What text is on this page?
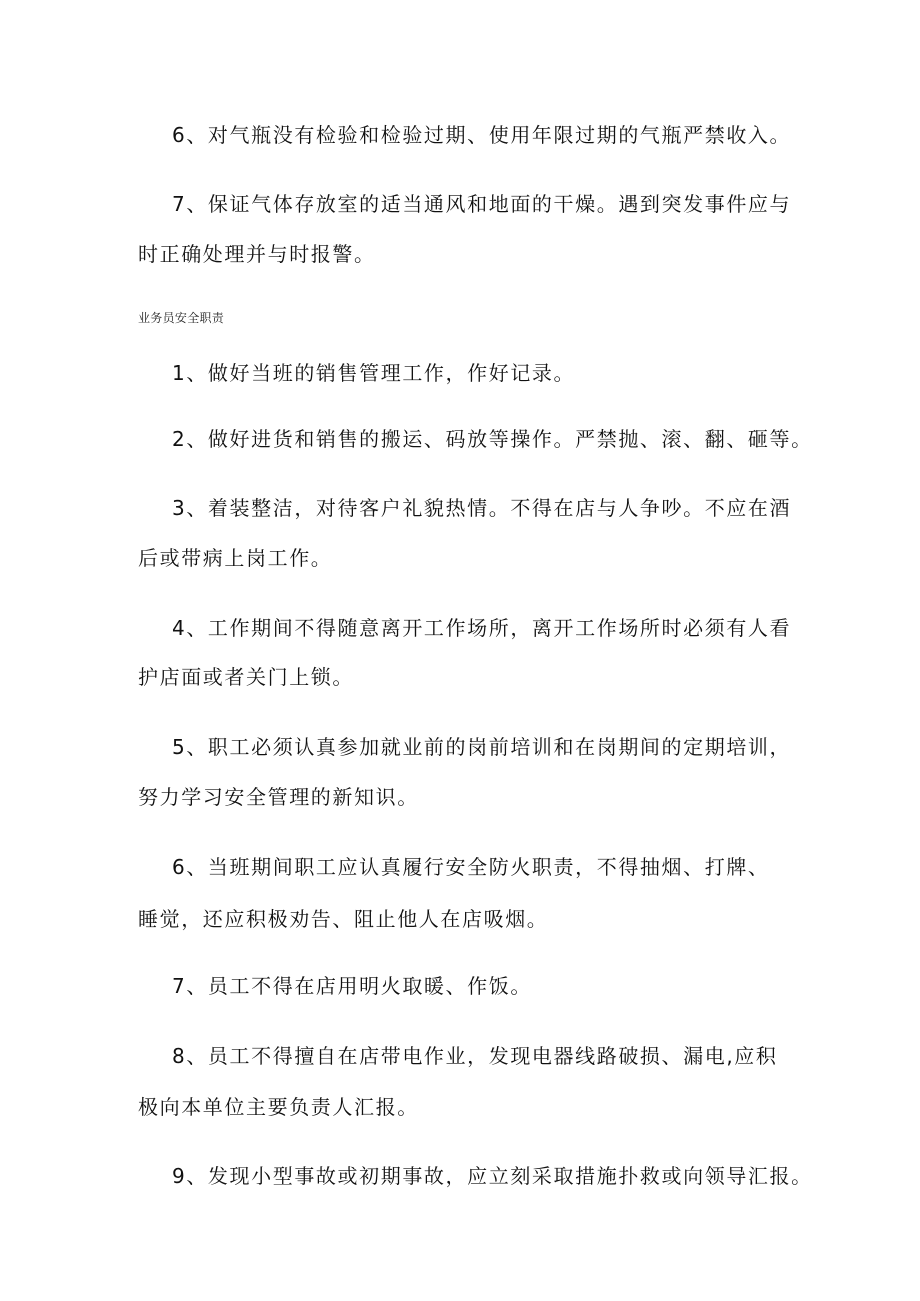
6、对气瓶没有检验和检验过期、使用年限过期的气瓶严禁收入。
7、保证气体存放室的适当通风和地面的干燥。遇到突发事件应与
时正确处理并与时报警。
业务员安全职责
1、做好当班的销售管理工作，作好记录。
2、做好进货和销售的搬运、码放等操作。严禁抛、滚、翻、砸等。
3、着装整洁，对待客户礼貌热情。不得在店与人争吵。不应在酒
后或带病上岗工作。
4、工作期间不得随意离开工作场所，离开工作场所时必须有人看
护店面或者关门上锁。
5、职工必须认真参加就业前的岗前培训和在岗期间的定期培训，
努力学习安全管理的新知识。
6、当班期间职工应认真履行安全防火职责，不得抽烟、打牌、
睡觉，还应积极劝告、阻止他人在店吸烟。
7、员工不得在店用明火取暖、作饭。
8、员工不得擅自在店带电作业，发现电器线路破损、漏电,应积
极向本单位主要负责人汇报。
9、发现小型事故或初期事故，应立刻采取措施扑救或向领导汇报。
